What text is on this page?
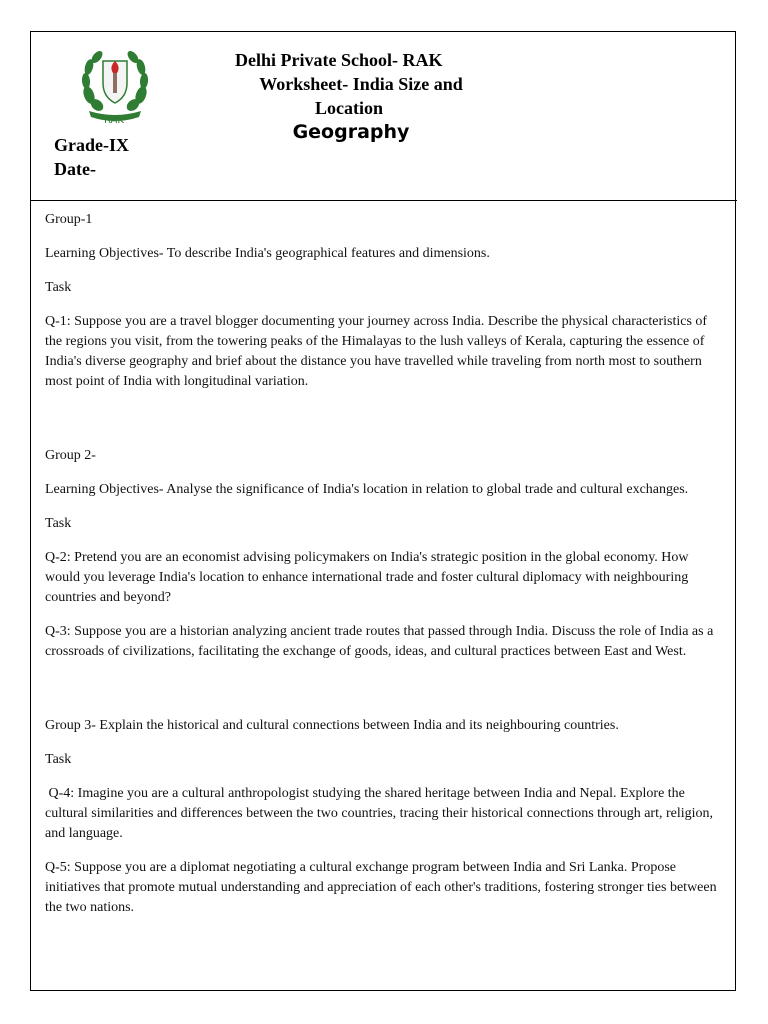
RAK
Delhi Private School- RAK
Worksheet- India Size and
Location
Geography
Grade-IX
Date-

Group-1

Learning Objectives- To describe India's geographical features and dimensions.

Task

Q-1: Suppose you are a travel blogger documenting your journey across India. Describe the physical characteristics of the regions you visit, from the towering peaks of the Himalayas to the lush valleys of Kerala, capturing the essence of India's diverse geography and brief about the distance you have travelled while traveling from north most to southern most point of India with longitudinal variation.

Group 2-

Learning Objectives- Analyse the significance of India's location in relation to global trade and cultural exchanges.

Task

Q-2: Pretend you are an economist advising policymakers on India's strategic position in the global economy. How would you leverage India's location to enhance international trade and foster cultural diplomacy with neighbouring countries and beyond?

Q-3: Suppose you are a historian analyzing ancient trade routes that passed through India. Discuss the role of India as a crossroads of civilizations, facilitating the exchange of goods, ideas, and cultural practices between East and West.

Group 3- Explain the historical and cultural connections between India and its neighbouring countries.

Task

Q-4: Imagine you are a cultural anthropologist studying the shared heritage between India and Nepal. Explore the cultural similarities and differences between the two countries, tracing their historical connections through art, religion, and language.

Q-5: Suppose you are a diplomat negotiating a cultural exchange program between India and Sri Lanka. Propose initiatives that promote mutual understanding and appreciation of each other's traditions, fostering stronger ties between the two nations.
